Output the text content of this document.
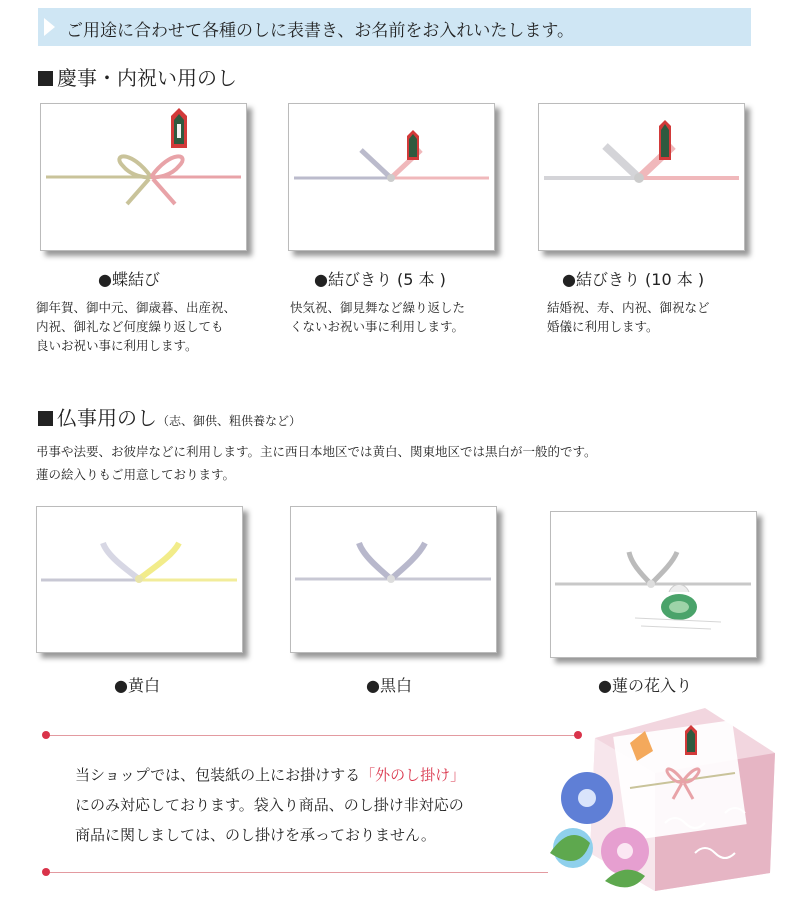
ご用途に合わせて各種のしに表書き、お名前をお入れいたします。
慶事・内祝い用のし
●蝶結び
御年賀、御中元、御歳暮、出産祝、
内祝、御礼など何度繰り返しても
良いお祝い事に利用します。
●結びきり (5 本 )
快気祝、御見舞など繰り返した
くないお祝い事に利用します。
●結びきり (10 本 )
結婚祝、寿、内祝、御祝など
婚儀に利用します。
仏事用のし（志、御供、粗供養など）
弔事や法要、お彼岸などに利用します。主に西日本地区では黄白、関東地区では黒白が一般的です。
蓮の絵入りもご用意しております。
●黄白	●黒白	●蓮の花入り
当ショップでは、包装紙の上にお掛けする「外のし掛け」
にのみ対応しております。袋入り商品、のし掛け非対応の
商品に関しましては、のし掛けを承っておりません。
